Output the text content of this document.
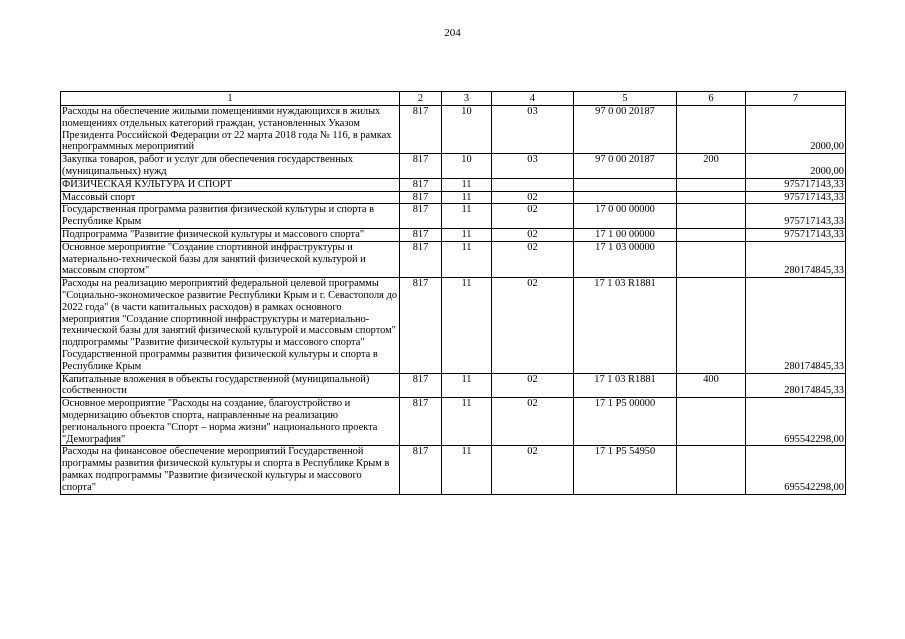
204
1	2	3	4	5	6	7
Расходы на обеспечение жилыми помещениями нуждающихся в жилых помещениях отдельных категорий граждан, установленных Указом Президента Российской Федерации от 22 марта 2018 года № 116, в рамках непрограммных мероприятий	817	10	03	97 0 00 20187		2000,00
Закупка товаров, работ и услуг для обеспечения государственных (муниципальных) нужд	817	10	03	97 0 00 20187	200	2000,00
ФИЗИЧЕСКАЯ КУЛЬТУРА И СПОРТ	817	11				975717143,33
Массовый спорт	817	11	02			975717143,33
Государственная программа развития физической культуры и спорта в Республике Крым	817	11	02	17 0 00 00000		975717143,33
Подпрограмма "Развитие физической культуры и массового спорта"	817	11	02	17 1 00 00000		975717143,33
Основное мероприятие "Создание спортивной инфраструктуры и материально-технической базы для занятий физической культурой и массовым спортом"	817	11	02	17 1 03 00000		280174845,33
Расходы на реализацию мероприятий федеральной целевой программы "Социально-экономическое развитие Республики Крым и г. Севастополя до 2022 года" (в части капитальных расходов) в рамках основного мероприятия "Создание спортивной инфраструктуры и материально-технической базы для занятий физической культурой и массовым спортом" подпрограммы "Развитие физической культуры и массового спорта" Государственной программы развития физической культуры и спорта в Республике Крым	817	11	02	17 1 03 R1881		280174845,33
Капитальные вложения в объекты государственной (муниципальной) собственности	817	11	02	17 1 03 R1881	400	280174845,33
Основное мероприятие "Расходы на создание, благоустройство и модернизацию объектов спорта, направленные на реализацию регионального проекта "Спорт – норма жизни" национального проекта "Демография"	817	11	02	17 1 Р5 00000		695542298,00
Расходы на финансовое обеспечение мероприятий Государственной программы развития физической культуры и спорта в Республике Крым в рамках подпрограммы "Развитие физической культуры и массового спорта"	817	11	02	17 1 Р5 54950		695542298,00
